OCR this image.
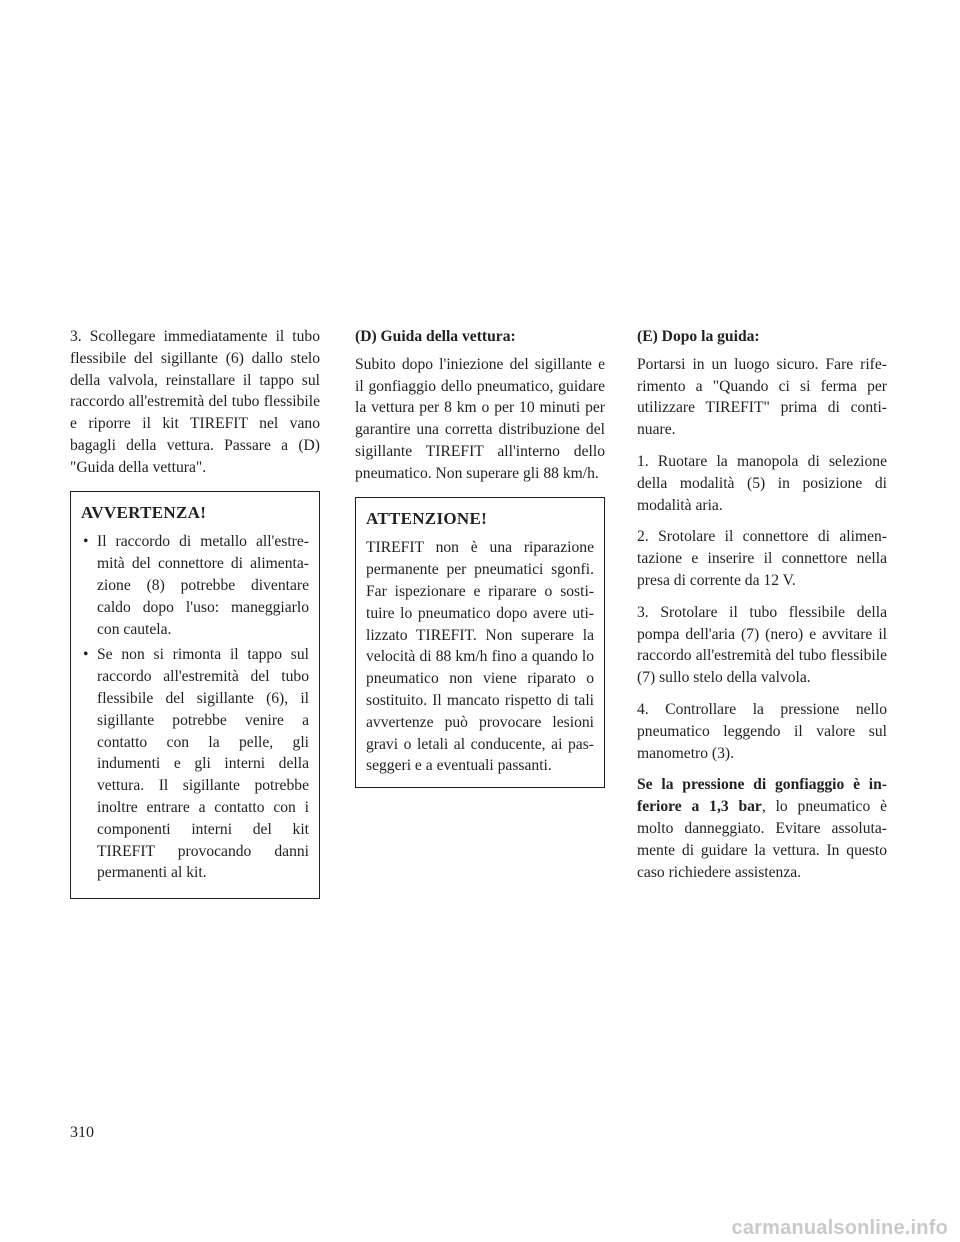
3. Scollegare immediatamente il tubo flessibile del sigillante (6) dallo stelo della valvola, reinstallare il tappo sul raccordo all'estremità del tubo flessibile e riporre il kit TIREFIT nel vano bagagli della vettura. Passare a (D) "Guida della vettura".

AVVERTENZA!
• Il raccordo di metallo all'estremità del connettore di alimentazione (8) potrebbe diventare caldo dopo l'uso: maneggiarlo con cautela.
• Se non si rimonta il tappo sul raccordo all'estremità del tubo flessibile del sigillante (6), il sigillante potrebbe venire a contatto con la pelle, gli indumenti e gli interni della vettura. Il sigillante potrebbe inoltre entrare a contatto con i componenti interni del kit TIREFIT provocando danni permanenti al kit.

(D) Guida della vettura:

Subito dopo l'iniezione del sigillante e il gonfiaggio dello pneumatico, guidare la vettura per 8 km o per 10 minuti per garantire una corretta distribuzione del sigillante TIREFIT all'interno dello pneumatico. Non superare gli 88 km/h.

ATTENZIONE!

TIREFIT non è una riparazione permanente per pneumatici sgonfi. Far ispezionare e riparare o sostituire lo pneumatico dopo avere utilizzato TIREFIT. Non superare la velocità di 88 km/h fino a quando lo pneumatico non viene riparato o sostituito. Il mancato rispetto di tali avvertenze può provocare lesioni gravi o letali al conducente, ai passeggeri e a eventuali passanti.

(E) Dopo la guida:

Portarsi in un luogo sicuro. Fare riferimento a "Quando ci si ferma per utilizzare TIREFIT" prima di continuare.

1. Ruotare la manopola di selezione della modalità (5) in posizione di modalità aria.

2. Srotolare il connettore di alimentazione e inserire il connettore nella presa di corrente da 12 V.

3. Srotolare il tubo flessibile della pompa dell'aria (7) (nero) e avvitare il raccordo all'estremità del tubo flessibile (7) sullo stelo della valvola.

4. Controllare la pressione nello pneumatico leggendo il valore sul manometro (3).

Se la pressione di gonfiaggio è inferiore a 1,3 bar, lo pneumatico è molto danneggiato. Evitare assolutamente di guidare la vettura. In questo caso richiedere assistenza.

310
carmanualsonline.info
